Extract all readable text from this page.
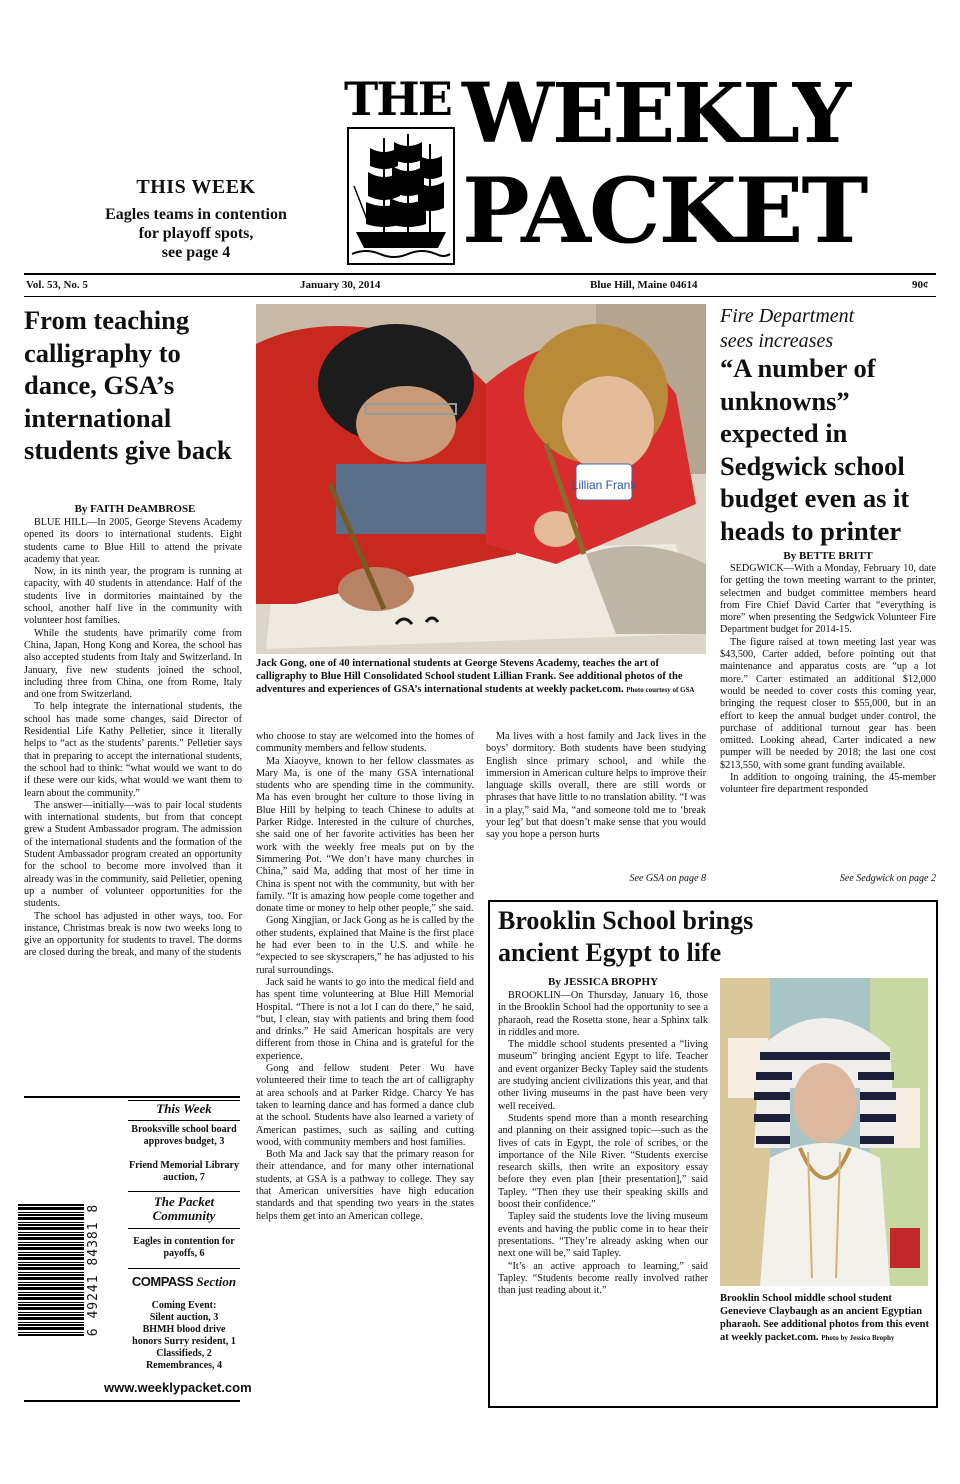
THIS WEEK
Eagles teams in contention
for playoff spots,
see page 4
THE WEEKLY
PACKET
Vol. 53, No. 5	January 30, 2014	Blue Hill, Maine 04614	90¢
From teaching calligraphy to dance, GSA’s international students give back
By FAITH DeAMBROSE

BLUE HILL—In 2005, George Stevens Academy opened its doors to international students. Eight students came to Blue Hill to attend the private academy that year.

Now, in its ninth year, the program is running at capacity, with 40 students in attendance. Half of the students live in dormitories maintained by the school, another half live in the community with volunteer host families.

While the students have primarily come from China, Japan, Hong Kong and Korea, the school has also accepted students from Italy and Switzerland. In January, five new students joined the school, including three from China, one from Rome, Italy and one from Switzerland.

To help integrate the international students, the school has made some changes, said Director of Residential Life Kathy Pelletier, since it literally helps to “act as the students’ parents.” Pelletier says that in preparing to accept the international students, the school had to think: “what would we want to do if these were our kids, what would we want them to learn about the community.”

The answer—initially—was to pair local students with international students, but from that concept grew a Student Ambassador program. The admission of the international students and the formation of the Student Ambassador program created an opportunity for the school to become more involved than it already was in the community, said Pelletier, opening up a number of volunteer opportunities for the students.

The school has adjusted in other ways, too. For instance, Christmas break is now two weeks long to give an opportunity for students to travel. The dorms are closed during the break, and many of the students

Lillian Frank
Jack Gong, one of 40 international students at George Stevens Academy, teaches the art of calligraphy to Blue Hill Consolidated School student Lillian Frank. See additional photos of the adventures and experiences of GSA’s international students at weekly packet.com. Photo courtesy of GSA

who choose to stay are welcomed into the homes of community members and fellow students.

Ma Xiaoyve, known to her fellow classmates as Mary Ma, is one of the many GSA international students who are spending time in the community. Ma has even brought her culture to those living in Blue Hill by helping to teach Chinese to adults at Parker Ridge. Interested in the culture of churches, she said one of her favorite activities has been her work with the weekly free meals put on by the Simmering Pot. “We don’t have many churches in China,” said Ma, adding that most of her time in China is spent not with the community, but with her family. “It is amazing how people come together and donate time or money to help other people,” she said.

Gong Xingjian, or Jack Gong as he is called by the other students, explained that Maine is the first place he had ever been to in the U.S. and while he “expected to see skyscrapers,” he has adjusted to his rural surroundings.

Jack said he wants to go into the medical field and has spent time volunteering at Blue Hill Memorial Hospital. “There is not a lot I can do there,” he said, “but, I clean, stay with patients and bring them food and drinks.” He said American hospitals are very different from those in China and is grateful for the experience.

Gong and fellow student Peter Wu have volunteered their time to teach the art of calligraphy at area schools and at Parker Ridge. Charcy Ye has taken to learning dance and has formed a dance club at the school. Students have also learned a variety of American pastimes, such as sailing and cutting wood, with community members and host families.

Both Ma and Jack say that the primary reason for their attendance, and for many other international students, at GSA is a pathway to college. They say that American universities have high education standards and that spending two years in the states helps them get into an American college.

Ma lives with a host family and Jack lives in the boys’ dormitory. Both students have been studying English since primary school, and while the immersion in American culture helps to improve their language skills overall, there are still words or phrases that have little to no translation ability. “I was in a play,” said Ma, “and someone told me to ‘break your leg’ but that doesn’t make sense that you would say you hope a person hurts

See GSA on page 8
Fire Department sees increases
“A number of unknowns” expected in Sedgwick school budget even as it heads to printer
By BETTE BRITT

SEDGWICK—With a Monday, February 10, date for getting the town meeting warrant to the printer, selectmen and budget committee members heard from Fire Chief David Carter that “everything is more” when presenting the Sedgwick Volunteer Fire Department budget for 2014-15.

The figure raised at town meeting last year was $43,500, Carter added, before pointing out that maintenance and apparatus costs are “up a lot more.” Carter estimated an additional $12,000 would be needed to cover costs this coming year, bringing the request closer to $55,000, but in an effort to keep the annual budget under control, the purchase of additional turnout gear has been omitted. Looking ahead, Carter indicated a new pumper will be needed by 2018; the last one cost $213,550, with some grant funding available.

In addition to ongoing training, the 45-member volunteer fire department responded

See Sedgwick on page 2
Brooklin School brings ancient Egypt to life
By JESSICA BROPHY

BROOKLIN—On Thursday, January 16, those in the Brooklin School had the opportunity to see a pharaoh, read the Rosetta stone, hear a Sphinx talk in riddles and more.

The middle school students presented a “living museum” bringing ancient Egypt to life. Teacher and event organizer Becky Tapley said the students are studying ancient civilizations this year, and that other living museums in the past have been very well received.

Students spend more than a month researching and planning on their assigned topic—such as the lives of cats in Egypt, the role of scribes, or the importance of the Nile River. “Students exercise research skills, then write an expository essay before they even plan [their presentation],” said Tapley. “Then they use their speaking skills and boost their confidence.”

Tapley said the students love the living museum events and having the public come in to hear their presentations. “They’re already asking when our next one will be,” said Tapley.

“It’s an active approach to learning,” said Tapley. “Students become really involved rather than just reading about it.”

Brooklin School middle school student Genevieve Claybaugh as an ancient Egyptian pharaoh. See additional photos from this event at weekly packet.com. Photo by Jessica Brophy
This Week
Brooksville school board approves budget, 3
Friend Memorial Library auction, 7
The Packet Community
Eagles in contention for payoffs, 6
COMPASS Section
Coming Event:
Silent auction, 3
BHMH blood drive honors Surry resident, 1
Classifieds, 2
Remembrances, 4
www.weeklypacket.com
6 49241 84381 8
